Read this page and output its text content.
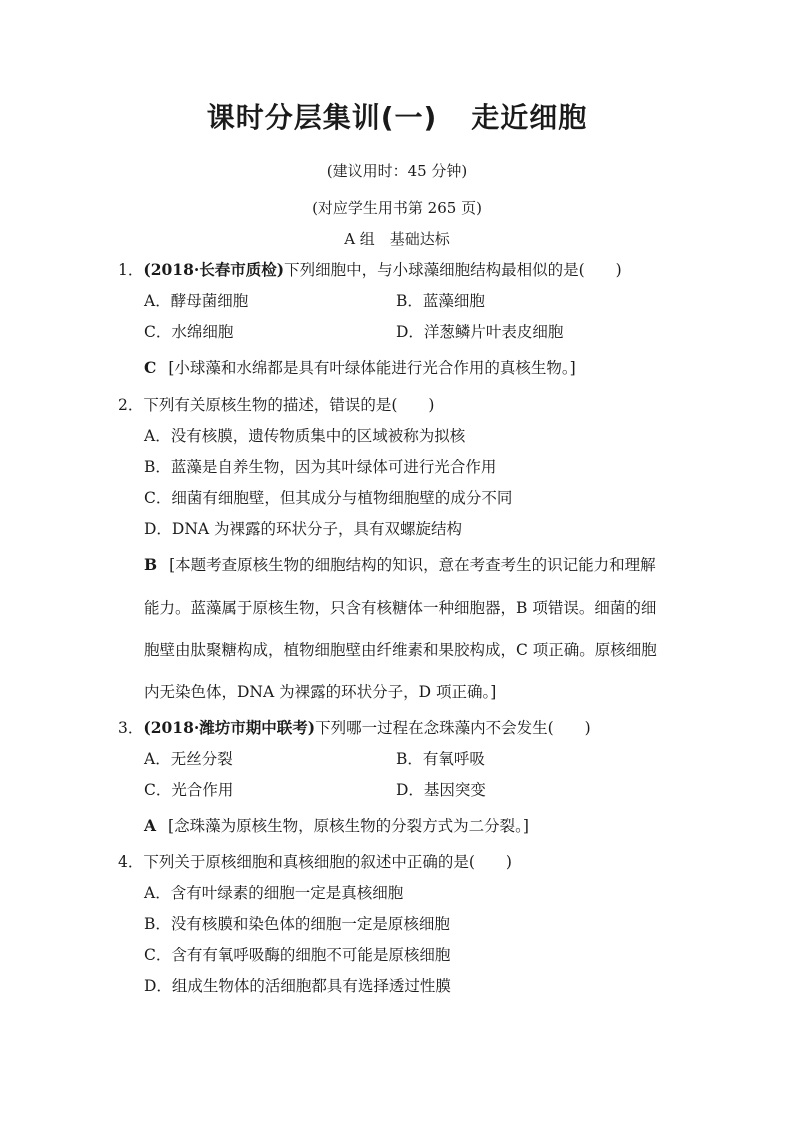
课时分层集训(一) 走近细胞
(建议用时：45 分钟)
(对应学生用书第 265 页)
A 组　基础达标
1．(2018·长春市质检)下列细胞中，与小球藻细胞结构最相似的是(　　)
A．酵母菌细胞	B．蓝藻细胞
C．水绵细胞	D．洋葱鳞片叶表皮细胞
C [小球藻和水绵都是具有叶绿体能进行光合作用的真核生物。]
2．下列有关原核生物的描述，错误的是(　　)
A．没有核膜，遗传物质集中的区域被称为拟核
B．蓝藻是自养生物，因为其叶绿体可进行光合作用
C．细菌有细胞壁，但其成分与植物细胞壁的成分不同
D．DNA 为裸露的环状分子，具有双螺旋结构
B [本题考查原核生物的细胞结构的知识，意在考查考生的识记能力和理解
能力。蓝藻属于原核生物，只含有核糖体一种细胞器，B 项错误。细菌的细
胞壁由肽聚糖构成，植物细胞壁由纤维素和果胶构成，C 项正确。原核细胞
内无染色体，DNA 为裸露的环状分子，D 项正确。]
3．(2018·潍坊市期中联考)下列哪一过程在念珠藻内不会发生(　　)
A．无丝分裂	B．有氧呼吸
C．光合作用	D．基因突变
A [念珠藻为原核生物，原核生物的分裂方式为二分裂。]
4．下列关于原核细胞和真核细胞的叙述中正确的是(　　)
A．含有叶绿素的细胞一定是真核细胞
B．没有核膜和染色体的细胞一定是原核细胞
C．含有有氧呼吸酶的细胞不可能是原核细胞
D．组成生物体的活细胞都具有选择透过性膜
